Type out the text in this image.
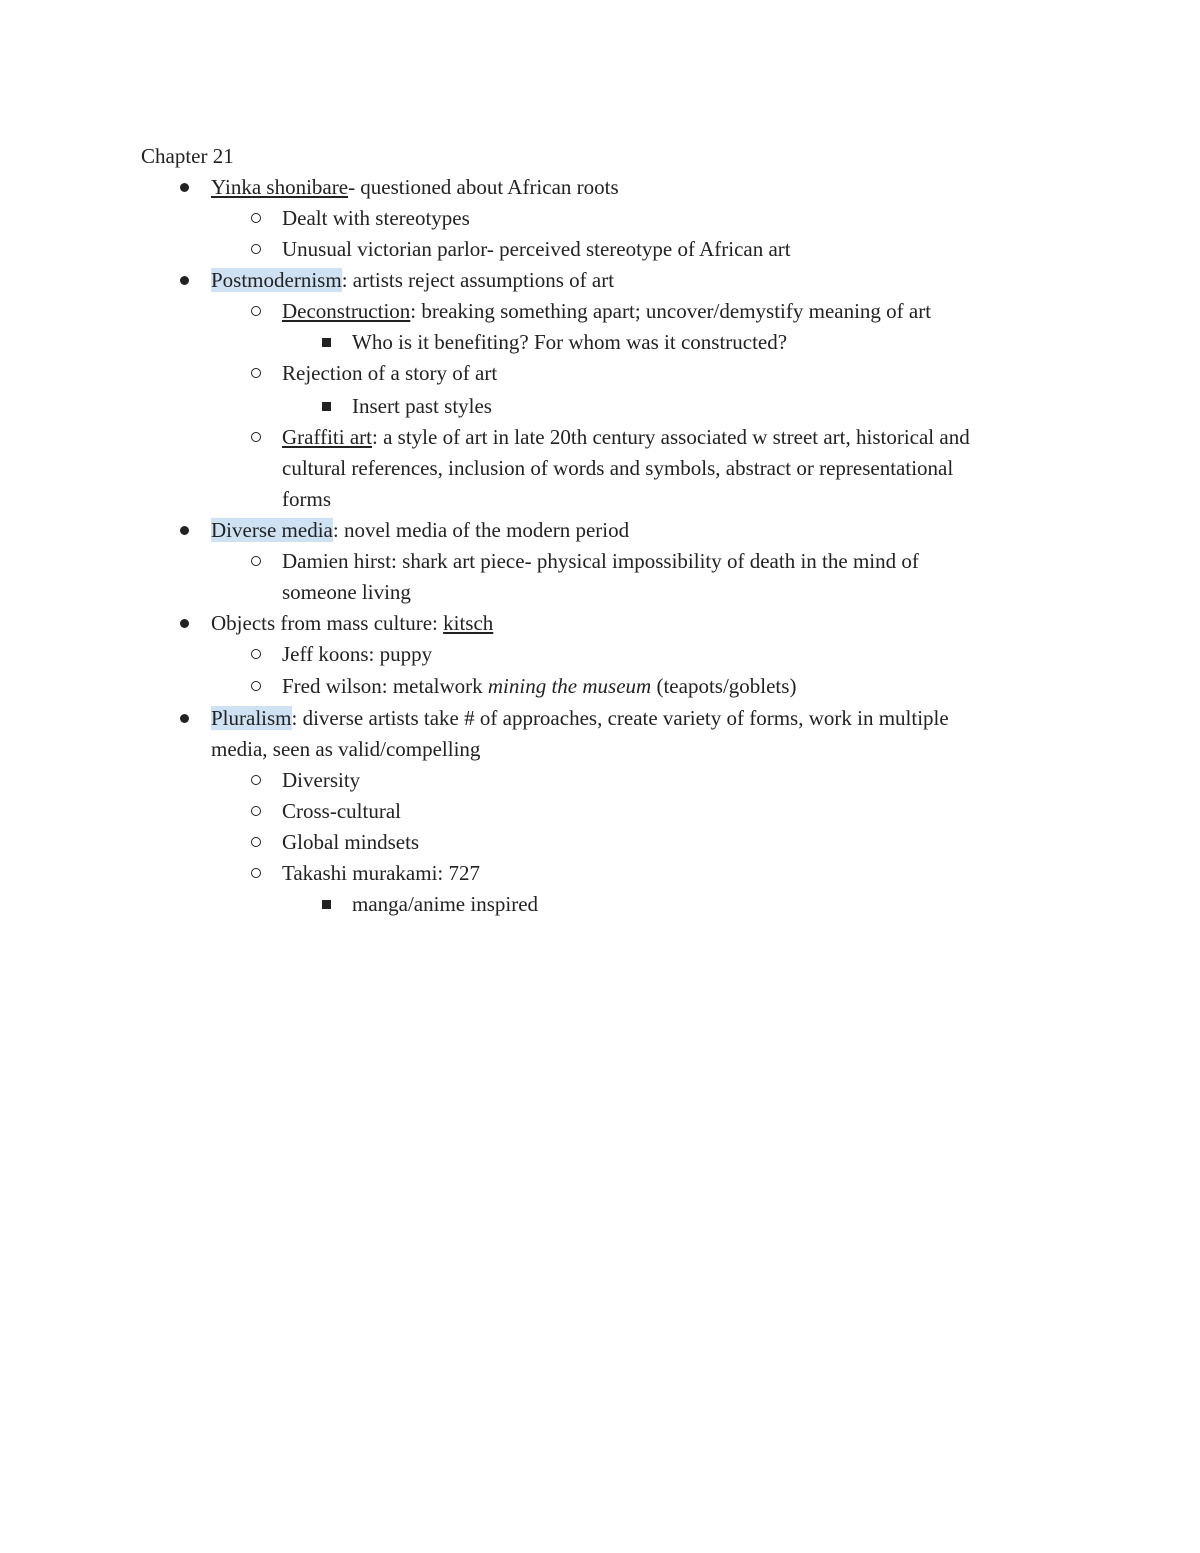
Chapter 21
Yinka shonibare- questioned about African roots
Dealt with stereotypes
Unusual victorian parlor- perceived stereotype of African art
Postmodernism: artists reject assumptions of art
Deconstruction: breaking something apart; uncover/demystify meaning of art
Who is it benefiting? For whom was it constructed?
Rejection of a story of art
Insert past styles
Graffiti art: a style of art in late 20th century associated w street art, historical and
cultural references, inclusion of words and symbols, abstract or representational
forms
Diverse media: novel media of the modern period
Damien hirst: shark art piece- physical impossibility of death in the mind of
someone living
Objects from mass culture: kitsch
Jeff koons: puppy
Fred wilson: metalwork mining the museum (teapots/goblets)
Pluralism: diverse artists take # of approaches, create variety of forms, work in multiple
media, seen as valid/compelling
Diversity
Cross-cultural
Global mindsets
Takashi murakami: 727
manga/anime inspired
